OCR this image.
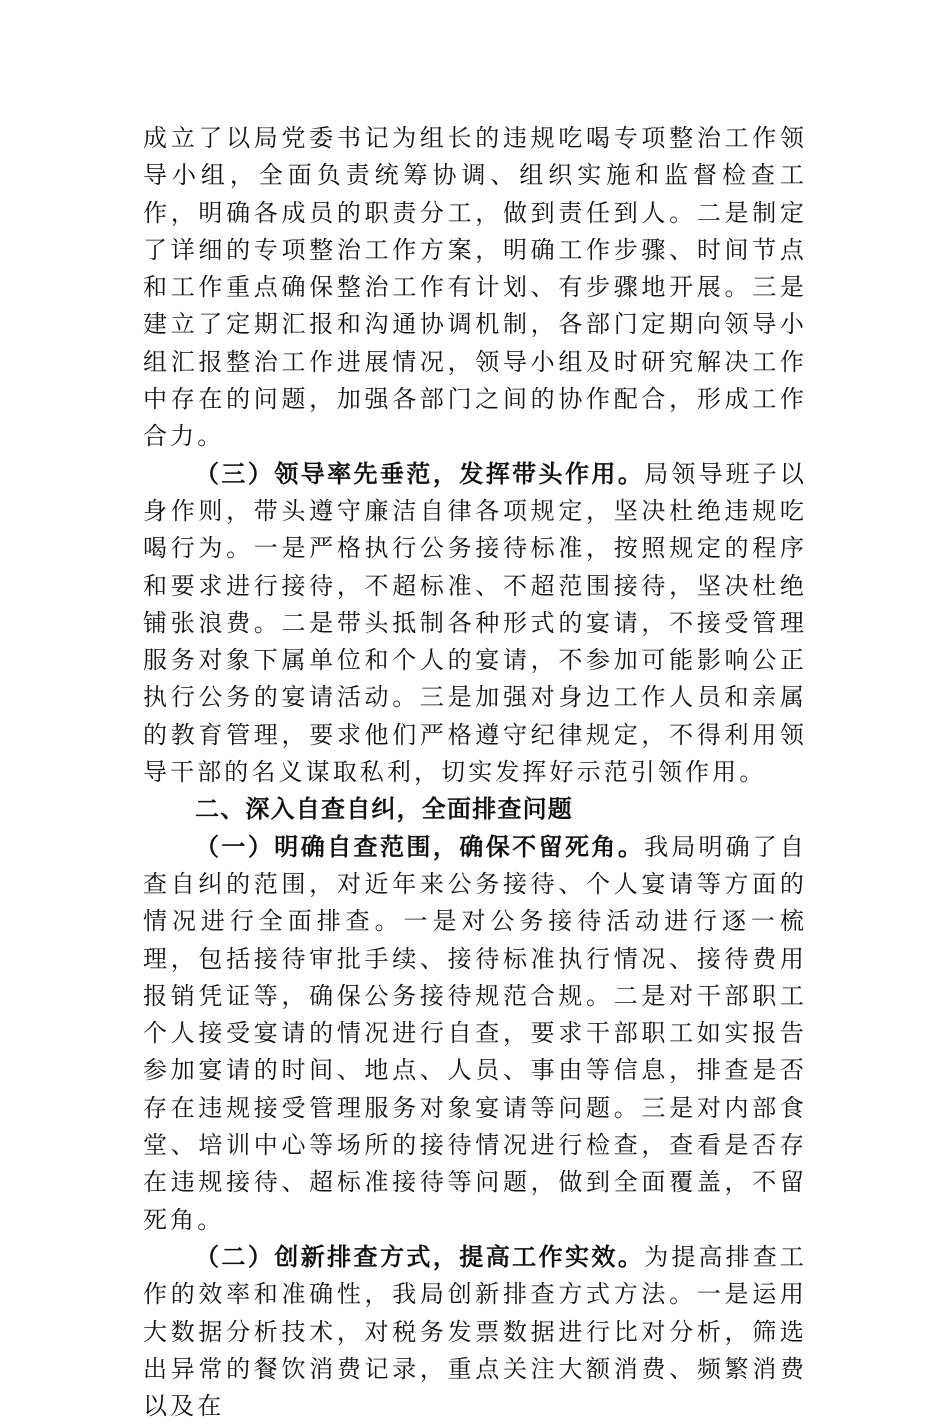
成立了以局党委书记为组长的违规吃喝专项整治工作领导小组，全面负责统筹协调、组织实施和监督检查工作，明确各成员的职责分工，做到责任到人。二是制定了详细的专项整治工作方案，明确工作步骤、时间节点和工作重点确保整治工作有计划、有步骤地开展。三是建立了定期汇报和沟通协调机制，各部门定期向领导小组汇报整治工作进展情况，领导小组及时研究解决工作中存在的问题，加强各部门之间的协作配合，形成工作合力。

（三）领导率先垂范，发挥带头作用。局领导班子以身作则，带头遵守廉洁自律各项规定，坚决杜绝违规吃喝行为。一是严格执行公务接待标准，按照规定的程序和要求进行接待，不超标准、不超范围接待，坚决杜绝铺张浪费。二是带头抵制各种形式的宴请，不接受管理服务对象下属单位和个人的宴请，不参加可能影响公正执行公务的宴请活动。三是加强对身边工作人员和亲属的教育管理，要求他们严格遵守纪律规定，不得利用领导干部的名义谋取私利，切实发挥好示范引领作用。

二、深入自查自纠，全面排查问题

（一）明确自查范围，确保不留死角。我局明确了自查自纠的范围，对近年来公务接待、个人宴请等方面的情况进行全面排查。一是对公务接待活动进行逐一梳理，包括接待审批手续、接待标准执行情况、接待费用报销凭证等，确保公务接待规范合规。二是对干部职工个人接受宴请的情况进行自查，要求干部职工如实报告参加宴请的时间、地点、人员、事由等信息，排查是否存在违规接受管理服务对象宴请等问题。三是对内部食堂、培训中心等场所的接待情况进行检查，查看是否存在违规接待、超标准接待等问题，做到全面覆盖，不留死角。

（二）创新排查方式，提高工作实效。为提高排查工作的效率和准确性，我局创新排查方式方法。一是运用大数据分析技术，对税务发票数据进行比对分析，筛选出异常的餐饮消费记录，重点关注大额消费、频繁消费以及在
